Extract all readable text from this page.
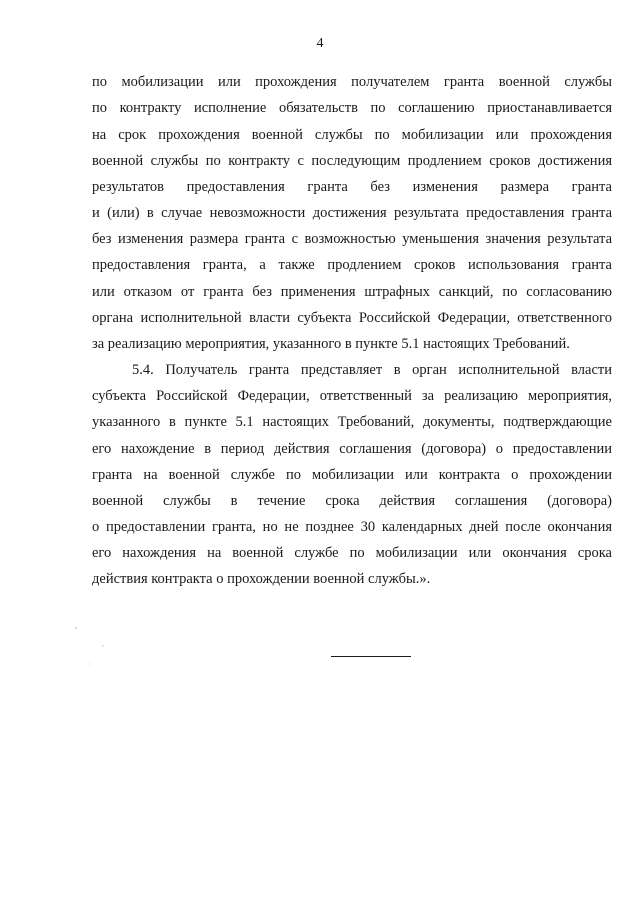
4
по мобилизации или прохождения получателем гранта военной службы
по контракту исполнение обязательств по соглашению приостанавливается
на срок прохождения военной службы по мобилизации или прохождения
военной службы по контракту с последующим продлением сроков достижения
результатов предоставления гранта без изменения размера гранта
и (или) в случае невозможности достижения результата предоставления гранта
без изменения размера гранта с возможностью уменьшения значения результата
предоставления гранта, а также продлением сроков использования гранта
или отказом от гранта без применения штрафных санкций, по согласованию
органа исполнительной власти субъекта Российской Федерации, ответственного
за реализацию мероприятия, указанного в пункте 5.1 настоящих Требований.
5.4. Получатель гранта представляет в орган исполнительной власти
субъекта Российской Федерации, ответственный за реализацию мероприятия,
указанного в пункте 5.1 настоящих Требований, документы, подтверждающие
его нахождение в период действия соглашения (договора) о предоставлении
гранта на военной службе по мобилизации или контракта о прохождении
военной службы в течение срока действия соглашения (договора)
о предоставлении гранта, но не позднее 30 календарных дней после окончания
его нахождения на военной службе по мобилизации или окончания срока
действия контракта о прохождении военной службы.».
